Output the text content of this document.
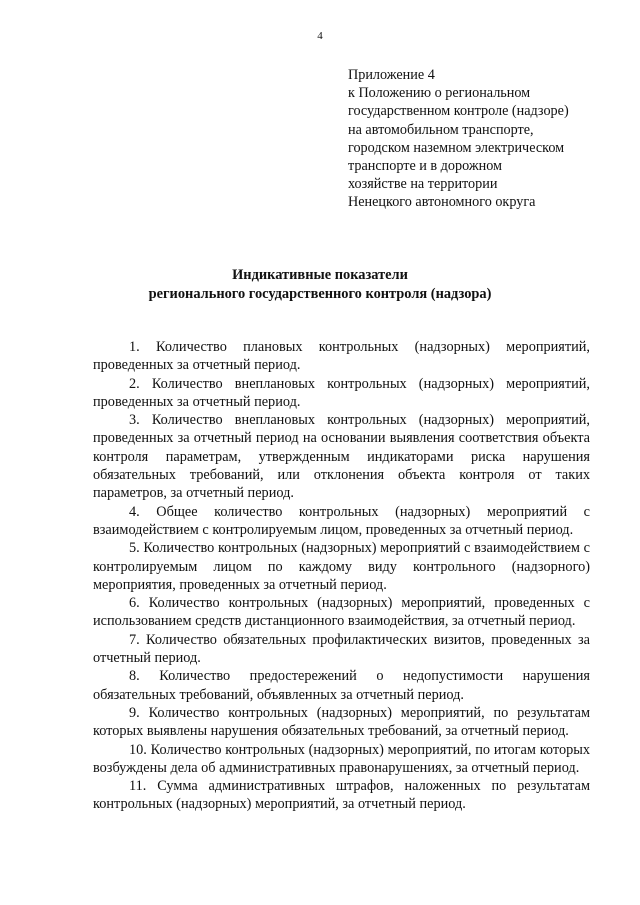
4
Приложение 4
к Положению о региональном
государственном контроле (надзоре)
на автомобильном транспорте,
городском наземном электрическом
транспорте и в дорожном
хозяйстве на территории
Ненецкого автономного округа
Индикативные показатели
регионального государственного контроля (надзора)

1. Количество плановых контрольных (надзорных) мероприятий, проведенных за отчетный период.

2. Количество внеплановых контрольных (надзорных) мероприятий, проведенных за отчетный период.

3. Количество внеплановых контрольных (надзорных) мероприятий, проведенных за отчетный период на основании выявления соответствия объекта контроля параметрам, утвержденным индикаторами риска нарушения обязательных требований, или отклонения объекта контроля от таких параметров, за отчетный период.

4. Общее количество контрольных (надзорных) мероприятий с взаимодействием с контролируемым лицом, проведенных за отчетный период.

5. Количество контрольных (надзорных) мероприятий с взаимодействием с контролируемым лицом по каждому виду контрольного (надзорного) мероприятия, проведенных за отчетный период.

6. Количество контрольных (надзорных) мероприятий, проведенных с использованием средств дистанционного взаимодействия, за отчетный период.

7. Количество обязательных профилактических визитов, проведенных за отчетный период.

8. Количество предостережений о недопустимости нарушения обязательных требований, объявленных за отчетный период.

9. Количество контрольных (надзорных) мероприятий, по результатам которых выявлены нарушения обязательных требований, за отчетный период.

10. Количество контрольных (надзорных) мероприятий, по итогам которых возбуждены дела об административных правонарушениях, за отчетный период.

11. Сумма административных штрафов, наложенных по результатам контрольных (надзорных) мероприятий, за отчетный период.
